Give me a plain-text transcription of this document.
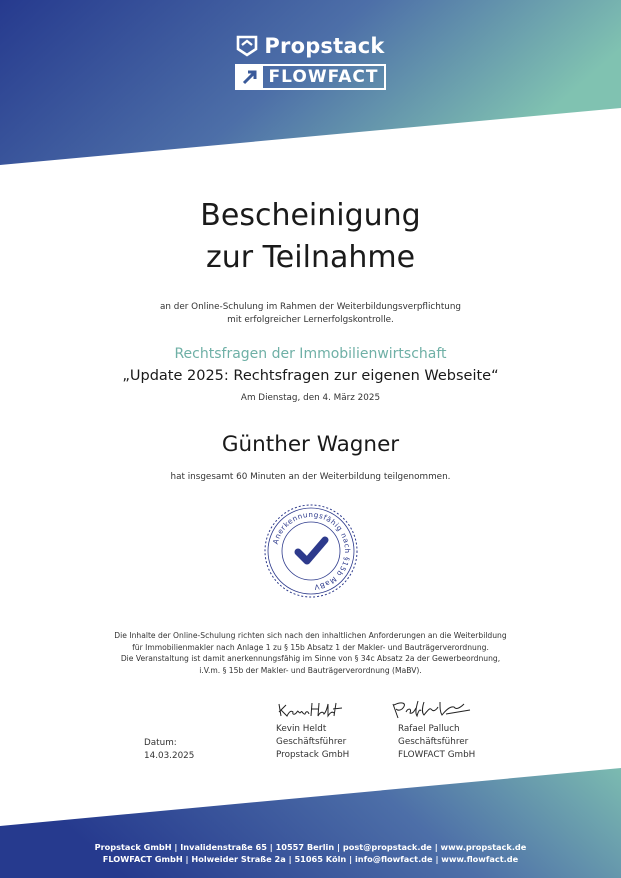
Propstack
FLOWFACT
Bescheinigung
zur Teilnahme
an der Online-Schulung im Rahmen der Weiterbildungsverpflichtung
mit erfolgreicher Lernerfolgskontrolle.
Rechtsfragen der Immobilienwirtschaft
„Update 2025: Rechtsfragen zur eigenen Webseite“
Am Dienstag, den 4. März 2025
Günther Wagner
hat insgesamt 60 Minuten an der Weiterbildung teilgenommen.
Anerkennungsfähig nach §15b MaBV
Die Inhalte der Online-Schulung richten sich nach den inhaltlichen Anforderungen an die Weiterbildung
für Immobilienmakler nach Anlage 1 zu § 15b Absatz 1 der Makler- und Bauträgerverordnung.
Die Veranstaltung ist damit anerkennungsfähig im Sinne von § 34c Absatz 2a der Gewerbeordnung,
i.V.m. § 15b der Makler- und Bauträgerverordnung (MaBV).
Datum:
14.03.2025
Kevin Heldt
Geschäftsführer
Propstack GmbH
Rafael Palluch
Geschäftsführer
FLOWFACT GmbH
Propstack GmbH | Invalidenstraße 65 | 10557 Berlin | post@propstack.de | www.propstack.de
FLOWFACT GmbH | Holweider Straße 2a | 51065 Köln | info@flowfact.de | www.flowfact.de
